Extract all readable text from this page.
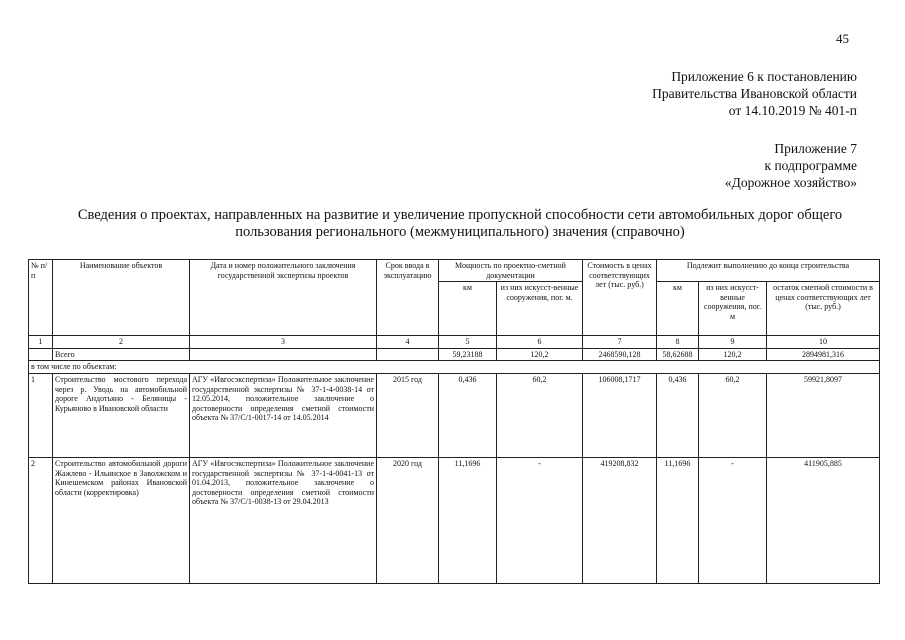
45
Приложение 6 к постановлению
Правительства Ивановской области
от 14.10.2019 № 401-п
Приложение 7
к подпрограмме
«Дорожное хозяйство»
Сведения о проектах, направленных на развитие и увеличение пропускной способности сети автомобильных дорог общего
пользования регионального (межмуниципального) значения (справочно)
№ п/п	Наименование объектов	Дата и номер положительного заключения государственной экспертизы проектов	Срок ввода в эксплуатацию	Мощность по проектно-сметной документации		Стоимость в ценах соответствующих лет (тыс. руб.)	Подлежит выполнению до конца строительства		
				км	из них искусст-венные сооружения, пог. м.		км	из них искусст-венные сооружения, пог. м	остаток сметной стоимости в ценах соответствующих лет (тыс. руб.)
1	2	3	4	5	6	7	8	9	10
	Всего			59,23188	120,2	2468590,128	58,62688	120,2	2894981,316
в том числе по объектам:									
1	Строительство мостового перехода через р. Уводь на автомобильной дороге Андотьяно - Беляницы - Курьяново в Ивановской области	АГУ «Ивгосэкспертиза» Положительное заключение государственной экспертизы № 37-1-4-0038-14 от 12.05.2014, положительное заключение о достоверности определения сметной стоимости объекта № 37/С/1-0017-14 от 14.05.2014	2015 год	0,436	60,2	106008,1717	0,436	60,2	59921,8097
2	Строительство автомобильной дороги Жажлево - Ильинское в Заволжском и Кинешемском районах Ивановской области (корректировка)	АГУ «Ивгосэкспертиза» Положительное заключение государственной экспертизы № 37-1-4-0041-13 от 01.04.2013, положительное заключение о достоверности определения сметной стоимости объекта № 37/С/1-0038-13 от 29.04.2013	2020 год	11,1696	-	419208,832	11,1696	-	411905,885
